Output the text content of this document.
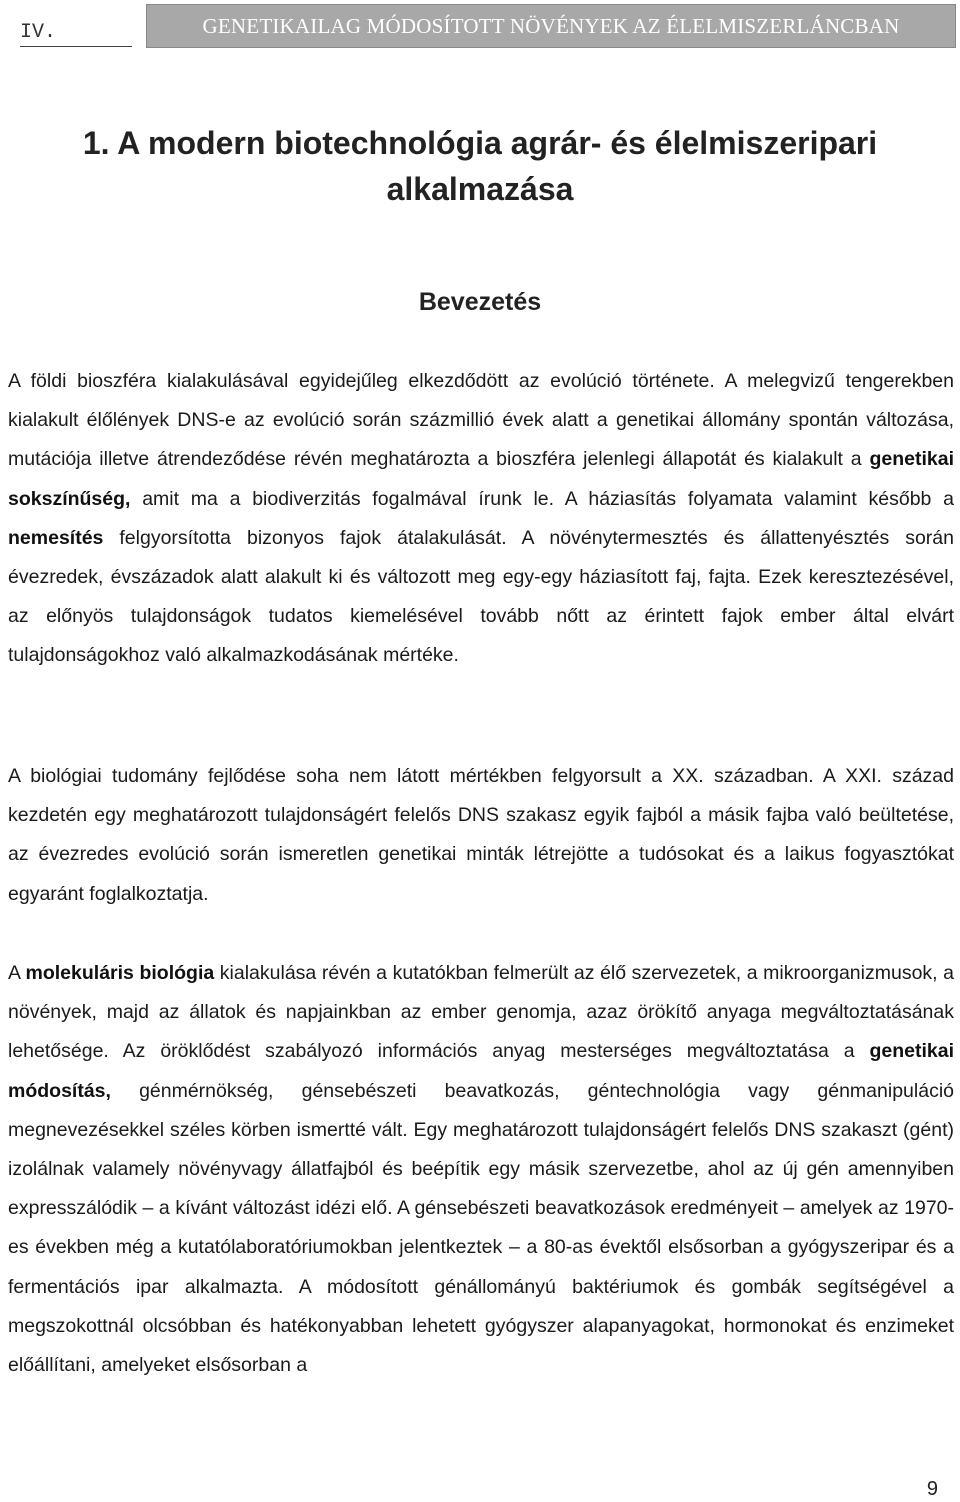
IV.	GENETIKAILAG MÓDOSÍTOTT NÖVÉNYEK AZ ÉLELMISZERLÁNCBAN
1. A modern biotechnológia agrár- és élelmiszeripari
alkalmazása
Bevezetés

A földi bioszféra kialakulásával egyidejűleg elkezdődött az evolúció története. A melegvizű tengerekben kialakult élőlények DNS-e az evolúció során százmillió évek alatt a genetikai állomány spontán változása, mutációja illetve átrendeződése révén meghatározta a bioszféra jelenlegi állapotát és kialakult a genetikai sokszínűség, amit ma a biodiverzitás fogalmával írunk le. A háziasítás folyamata valamint később a nemesítés felgyorsította bizonyos fajok átalakulását. A növénytermesztés és állattenyésztés során évezredek, évszázadok alatt alakult ki és változott meg egy-egy háziasított faj, fajta. Ezek keresztezésével, az előnyös tulajdonságok tudatos kiemelésével tovább nőtt az érintett fajok ember által elvárt tulajdonságokhoz való alkalmazkodásának mértéke.

A biológiai tudomány fejlődése soha nem látott mértékben felgyorsult a XX. században. A XXI. század kezdetén egy meghatározott tulajdonságért felelős DNS szakasz egyik fajból a másik fajba való beültetése, az évezredes evolúció során ismeretlen genetikai minták létrejötte a tudósokat és a laikus fogyasztókat egyaránt foglalkoztatja.

A molekuláris biológia kialakulása révén a kutatókban felmerült az élő szervezetek, a mikroorganizmusok, a növények, majd az állatok és napjainkban az ember genomja, azaz örökítő anyaga megváltoztatásának lehetősége. Az öröklődést szabályozó információs anyag mesterséges megváltoztatása a genetikai módosítás, génmérnökség, génsebészeti beavatkozás, géntechnológia vagy génmanipuláció megnevezésekkel széles körben ismertté vált. Egy meghatározott tulajdonságért felelős DNS szakaszt (gént) izolálnak valamely növényvagy állatfajból és beépítik egy másik szervezetbe, ahol az új gén amennyiben expresszálódik – a kívánt változást idézi elő. A génsebészeti beavatkozások eredményeit – amelyek az 1970-es években még a kutatólaboratóriumokban jelentkeztek – a 80-as évektől elsősorban a gyógyszeripar és a fermentációs ipar alkalmazta. A módosított génállományú baktériumok és gombák segítségével a megszokottnál olcsóbban és hatékonyabban lehetett gyógyszer alapanyagokat, hormonokat és enzimeket előállítani, amelyeket elsősorban a

9
